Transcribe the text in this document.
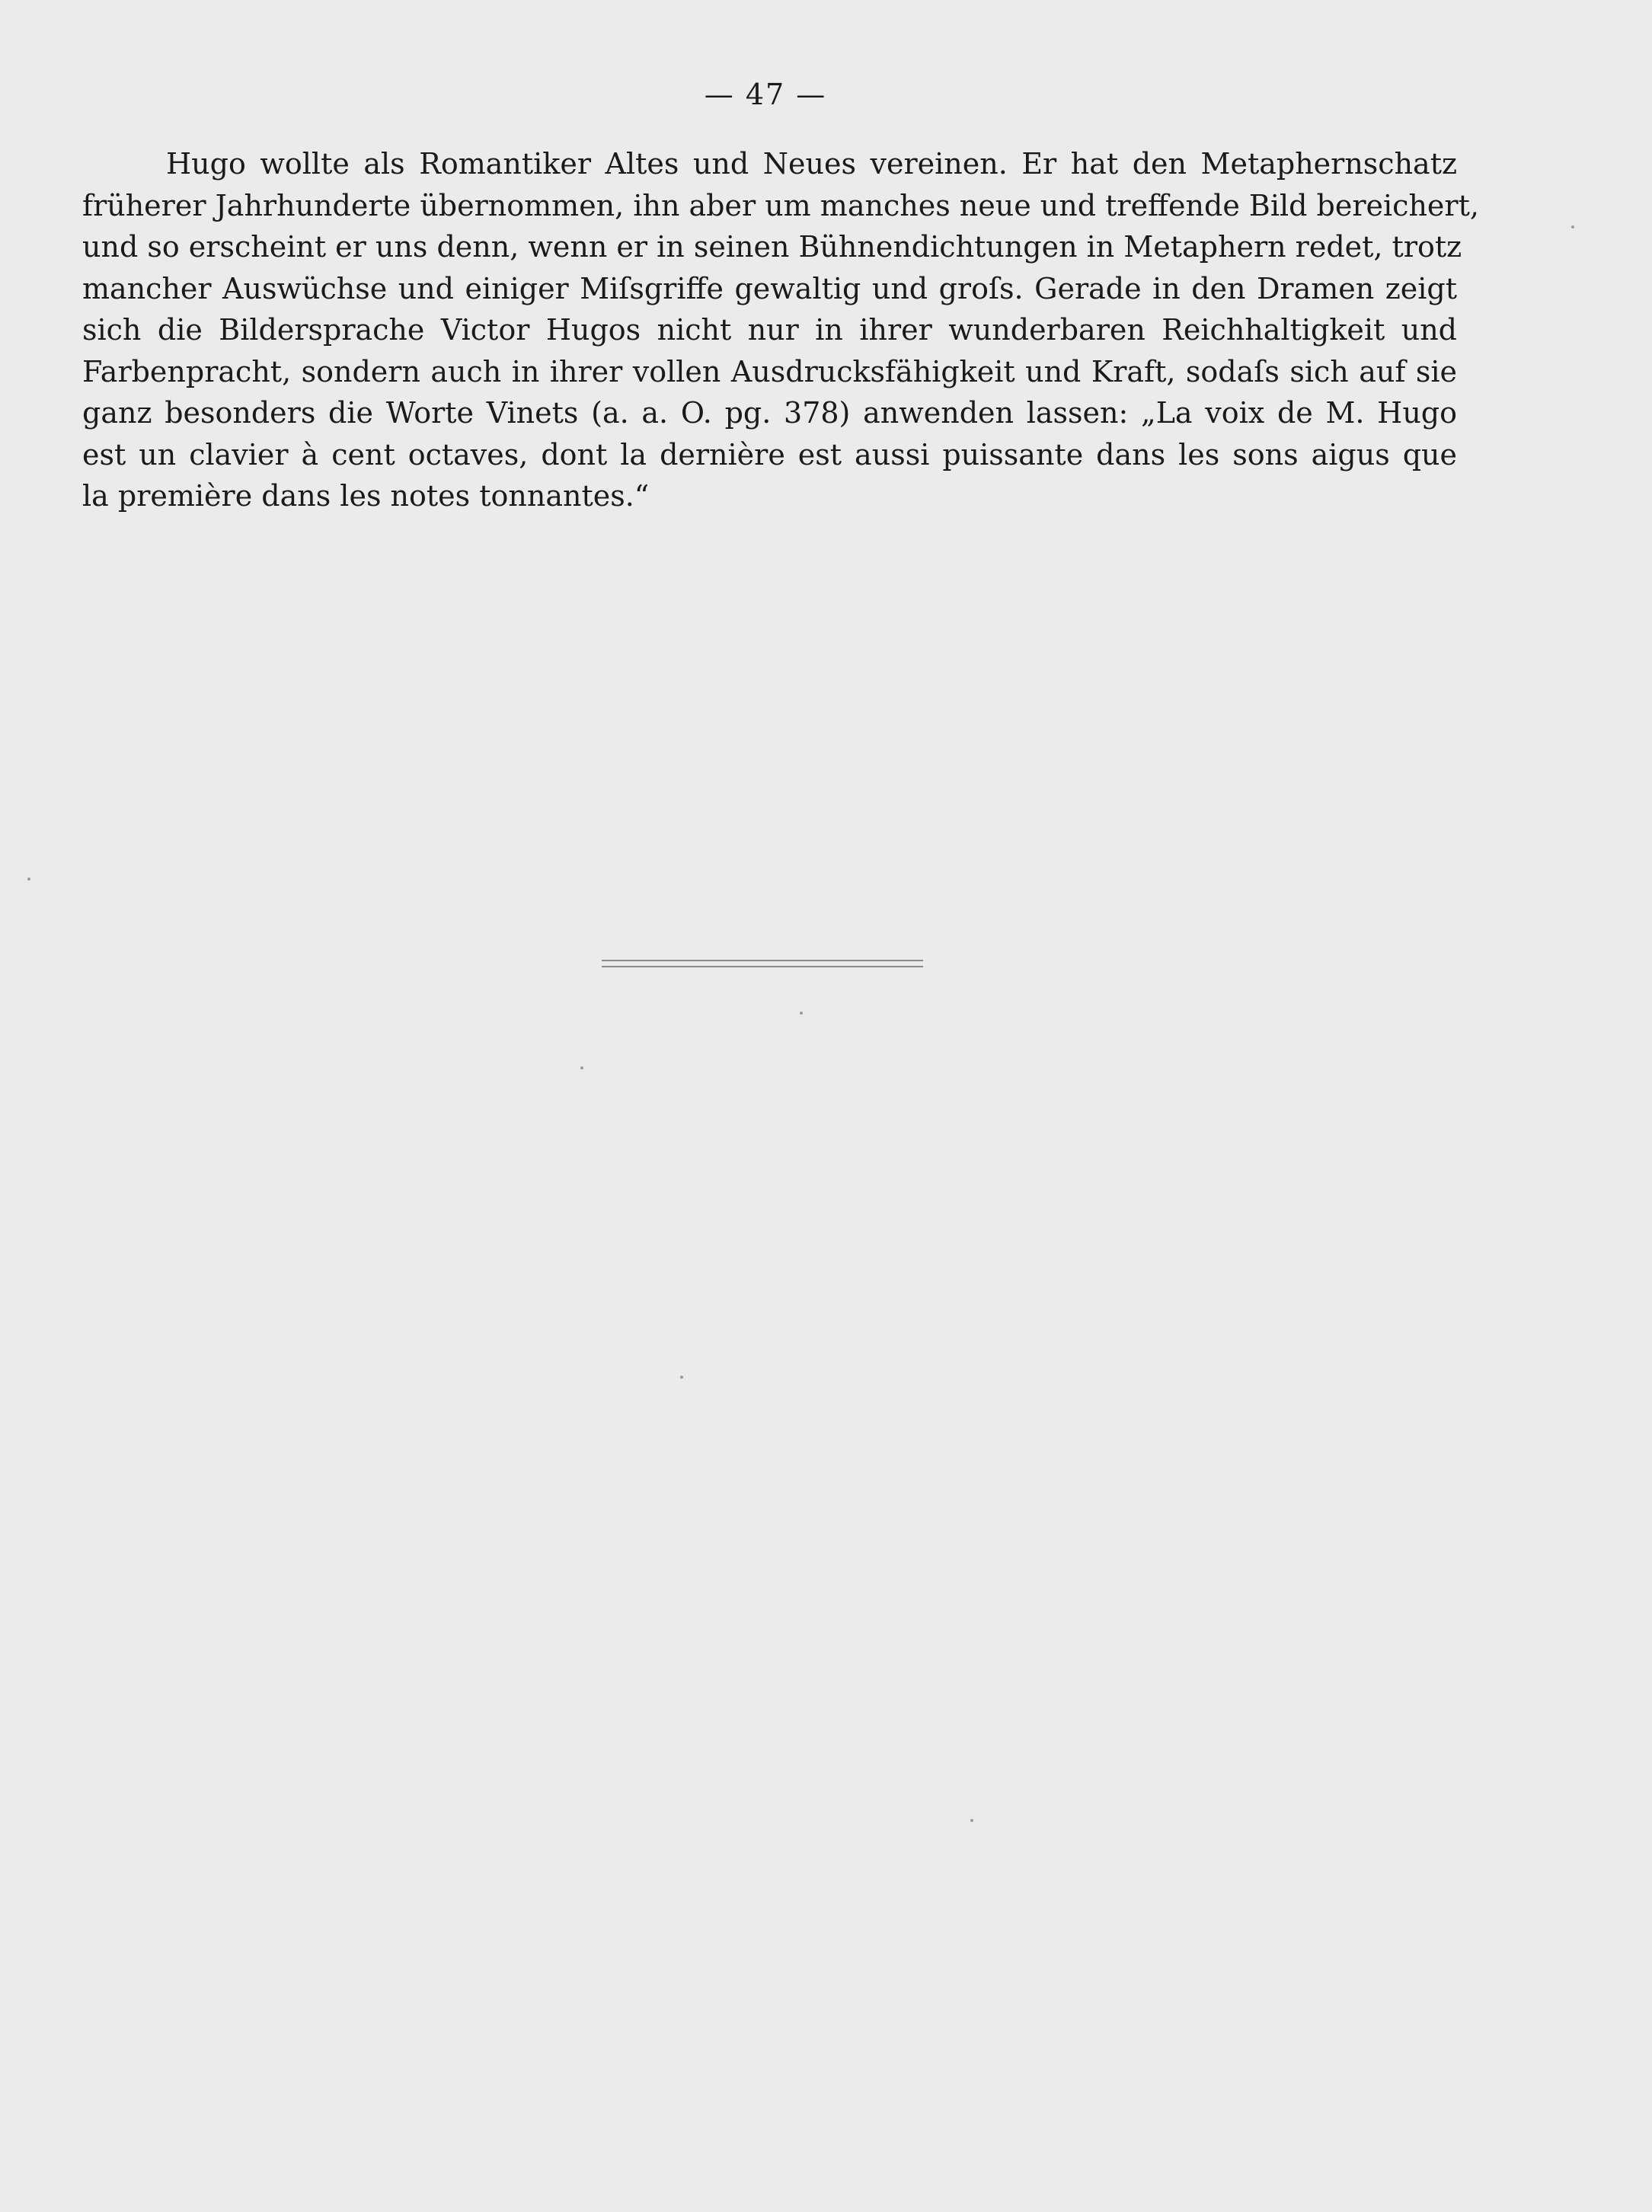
— 47 —
Hugo wollte als Romantiker Altes und Neues vereinen. Er hat den Metaphernschatz
früherer Jahrhunderte übernommen, ihn aber um manches neue und treffende Bild bereichert,
und so erscheint er uns denn, wenn er in seinen Bühnendichtungen in Metaphern redet, trotz
mancher Auswüchse und einiger Miſsgriffe gewaltig und groſs. Gerade in den Dramen zeigt
sich die Bildersprache Victor Hugos nicht nur in ihrer wunderbaren Reichhaltigkeit und
Farbenpracht, sondern auch in ihrer vollen Ausdrucksfähigkeit und Kraft, sodaſs sich auf sie
ganz besonders die Worte Vinets (a. a. O. pg. 378) anwenden lassen: „La voix de M. Hugo
est un clavier à cent octaves, dont la dernière est aussi puissante dans les sons aigus que
la première dans les notes tonnantes.“
